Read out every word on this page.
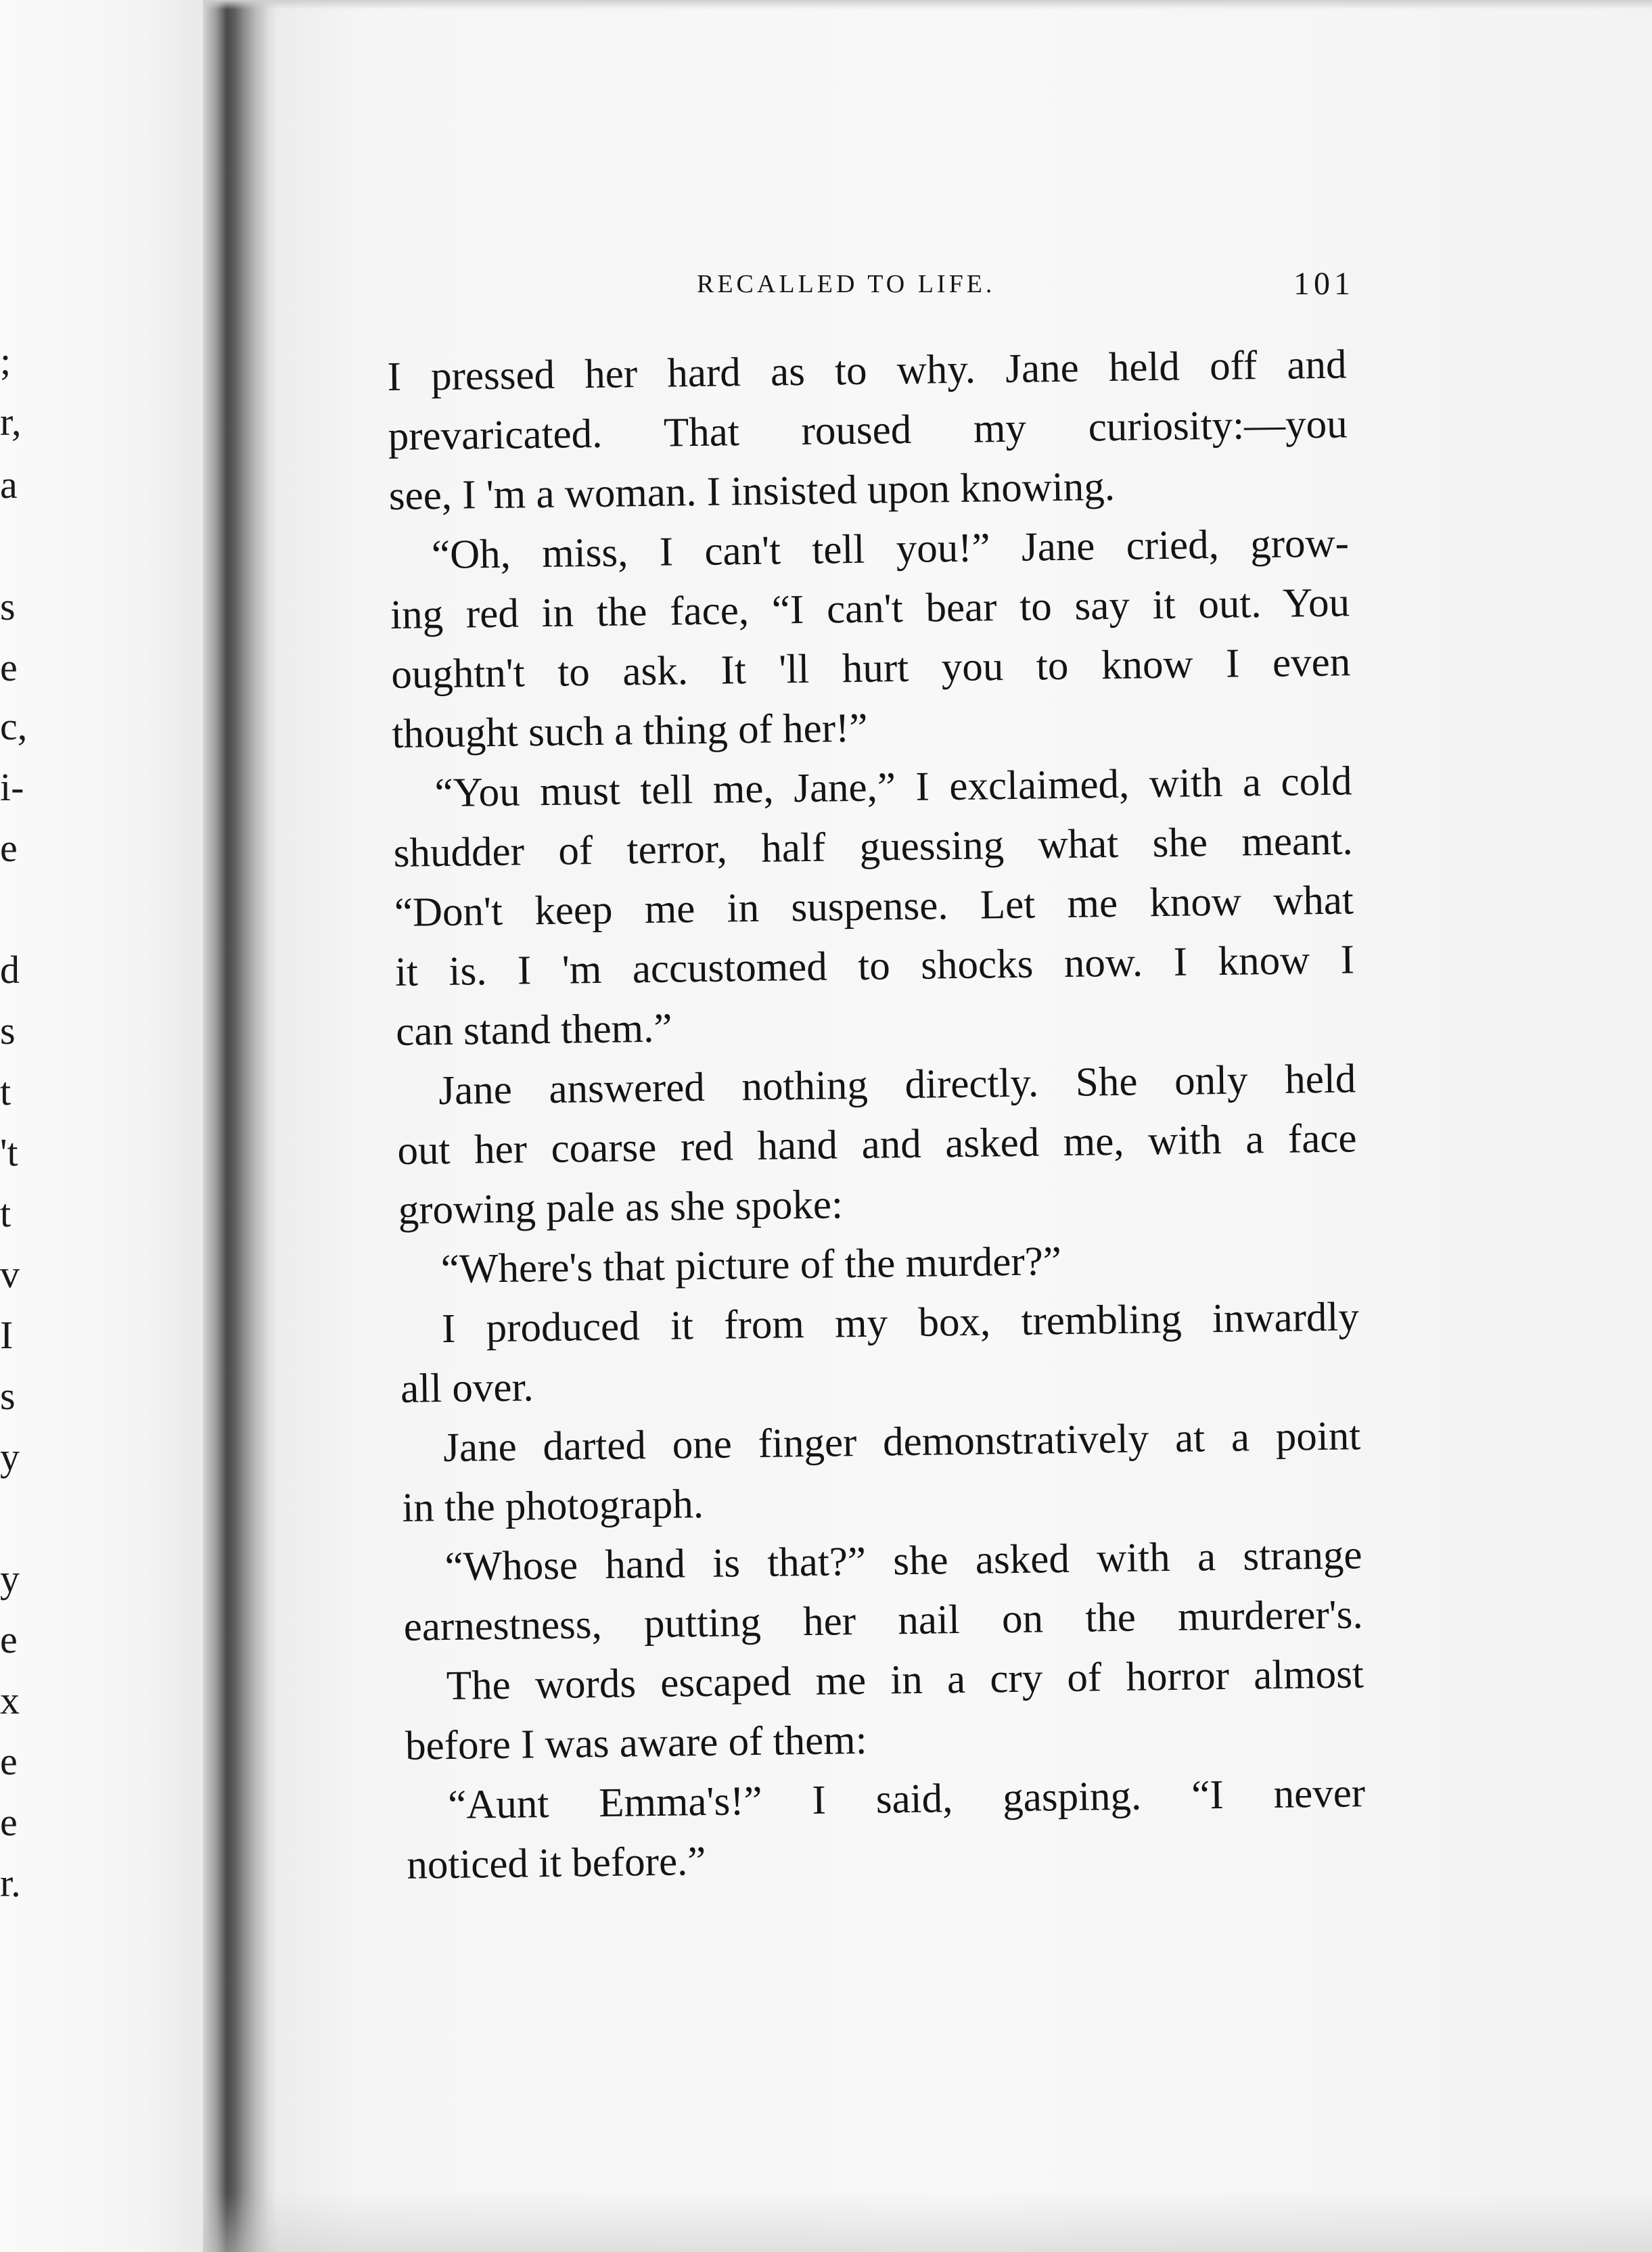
;
r,
a
s
e
c,
i-
e
d
s
t
't
t
v
I
s
y
y
e
x
e
e
r.
RECALLED TO LIFE.	101
I pressed her hard as to why. Jane held off and
prevaricated. That roused my curiosity:—you
see, I 'm a woman. I insisted upon knowing.
“Oh, miss, I can't tell you!” Jane cried, grow-
ing red in the face, “I can't bear to say it out. You
oughtn't to ask. It 'll hurt you to know I even
thought such a thing of her!”
“You must tell me, Jane,” I exclaimed, with a cold
shudder of terror, half guessing what she meant.
“Don't keep me in suspense. Let me know what
it is. I 'm accustomed to shocks now. I know I
can stand them.”
Jane answered nothing directly. She only held
out her coarse red hand and asked me, with a face
growing pale as she spoke:
“Where's that picture of the murder?”
I produced it from my box, trembling inwardly
all over.
Jane darted one finger demonstratively at a point
in the photograph.
“Whose hand is that?” she asked with a strange
earnestness, putting her nail on the murderer's.
The words escaped me in a cry of horror almost
before I was aware of them:
“Aunt Emma's!” I said, gasping. “I never
noticed it before.”
